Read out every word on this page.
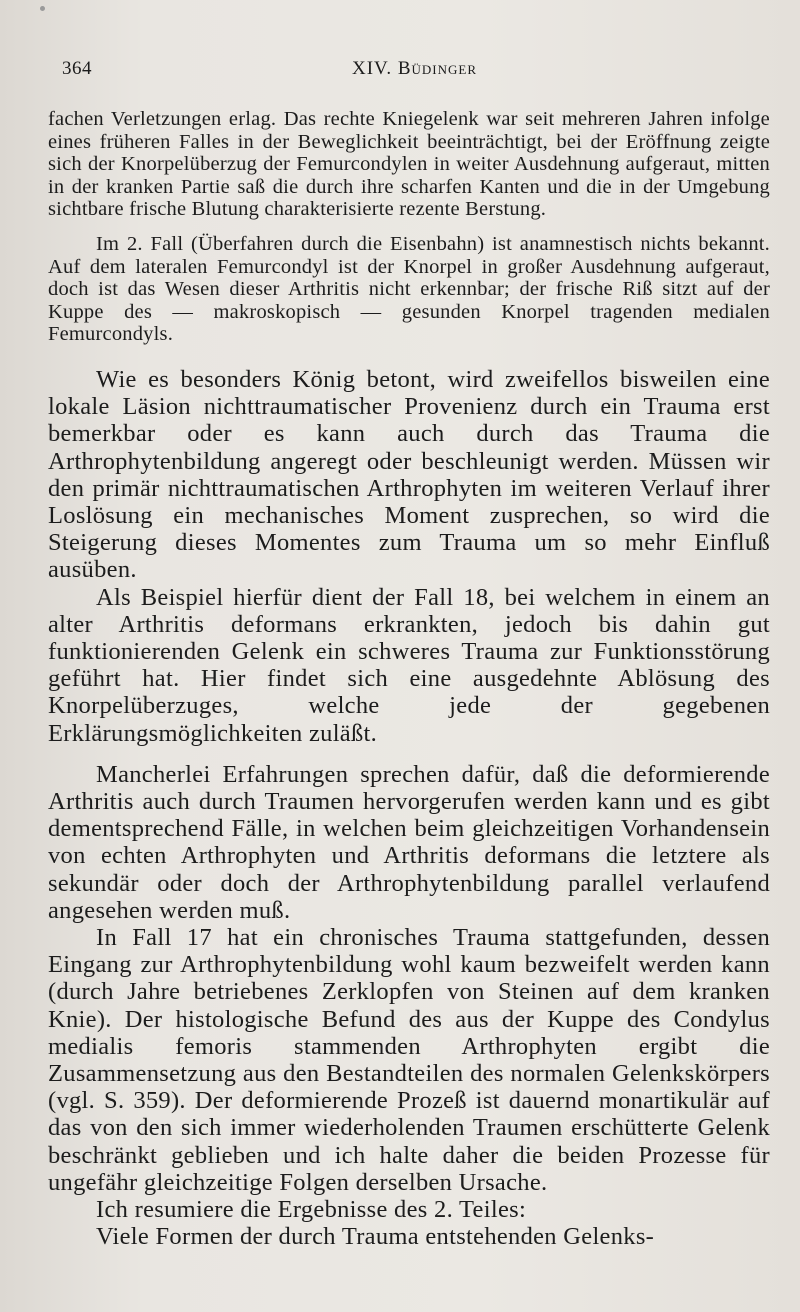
364	XIV. Büdinger

fachen Verletzungen erlag. Das rechte Kniegelenk war seit mehreren Jahren infolge eines früheren Falles in der Beweglichkeit beeinträchtigt, bei der Eröffnung zeigte sich der Knorpelüberzug der Femurcondylen in weiter Ausdehnung aufgeraut, mitten in der kranken Partie saß die durch ihre scharfen Kanten und die in der Umgebung sichtbare frische Blutung charakterisierte rezente Berstung.

Im 2. Fall (Überfahren durch die Eisenbahn) ist anamnestisch nichts bekannt. Auf dem lateralen Femurcondyl ist der Knorpel in großer Ausdehnung aufgeraut, doch ist das Wesen dieser Arthritis nicht erkennbar; der frische Riß sitzt auf der Kuppe des — makroskopisch — gesunden Knorpel tragenden medialen Femurcondyls.

Wie es besonders König betont, wird zweifellos bisweilen eine lokale Läsion nichttraumatischer Provenienz durch ein Trauma erst bemerkbar oder es kann auch durch das Trauma die Arthrophytenbildung angeregt oder beschleunigt werden. Müssen wir den primär nichttraumatischen Arthrophyten im weiteren Verlauf ihrer Loslösung ein mechanisches Moment zusprechen, so wird die Steigerung dieses Momentes zum Trauma um so mehr Einfluß ausüben.

Als Beispiel hierfür dient der Fall 18, bei welchem in einem an alter Arthritis deformans erkrankten, jedoch bis dahin gut funktionierenden Gelenk ein schweres Trauma zur Funktionsstörung geführt hat. Hier findet sich eine ausgedehnte Ablösung des Knorpelüberzuges, welche jede der gegebenen Erklärungsmöglichkeiten zuläßt.

Mancherlei Erfahrungen sprechen dafür, daß die deformierende Arthritis auch durch Traumen hervorgerufen werden kann und es gibt dementsprechend Fälle, in welchen beim gleichzeitigen Vorhandensein von echten Arthrophyten und Arthritis deformans die letztere als sekundär oder doch der Arthrophytenbildung parallel verlaufend angesehen werden muß.

In Fall 17 hat ein chronisches Trauma stattgefunden, dessen Eingang zur Arthrophytenbildung wohl kaum bezweifelt werden kann (durch Jahre betriebenes Zerklopfen von Steinen auf dem kranken Knie). Der histologische Befund des aus der Kuppe des Condylus medialis femoris stammenden Arthrophyten ergibt die Zusammensetzung aus den Bestandteilen des normalen Gelenkskörpers (vgl. S. 359). Der deformierende Prozeß ist dauernd monartikulär auf das von den sich immer wiederholenden Traumen erschütterte Gelenk beschränkt geblieben und ich halte daher die beiden Prozesse für ungefähr gleichzeitige Folgen derselben Ursache.

Ich resumiere die Ergebnisse des 2. Teiles:

Viele Formen der durch Trauma entstehenden Gelenks-
